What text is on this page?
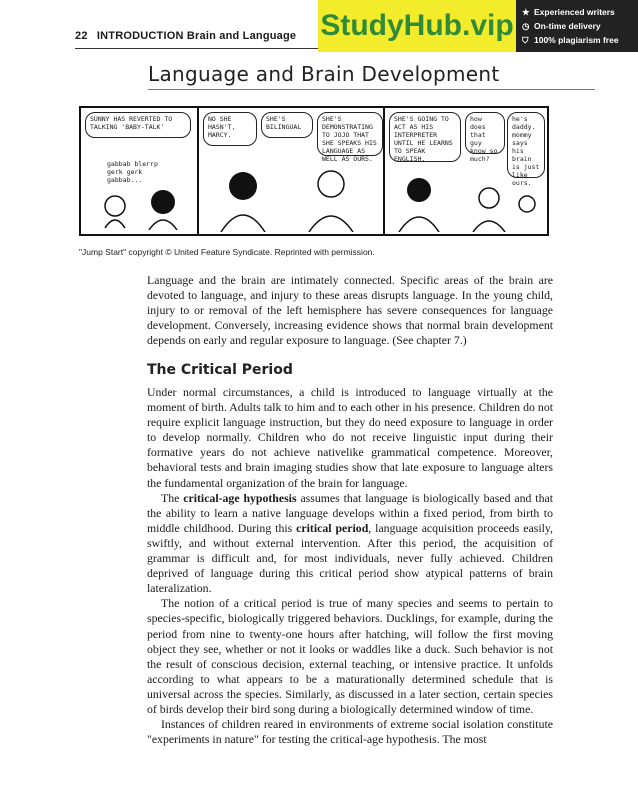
22 INTRODUCTION Brain and Language StudyHub.vip ★ Experienced writers
◷ On-time delivery
⛉ 100% plagiarism free
Language and Brain Development
SUNNY HAS REVERTED TO TALKING 'BABY-TALK'
gabbab blerrp gerk gerk gabbab...
NO SHE HASN'T, MARCY.
SHE'S BILINGUAL
SHE'S DEMONSTRATING TO JOJO THAT SHE SPEAKS HIS LANGUAGE AS WELL AS OURS.
SHE'S GOING TO ACT AS HIS INTERPRETER UNTIL HE LEARNS TO SPEAK ENGLISH.
how does that guy know so much?
he's daddy. mommy says his brain is just like ours.
"Jump Start" copyright © United Feature Syndicate. Reprinted with permission.

Language and the brain are intimately connected. Specific areas of the brain are devoted to language, and injury to these areas disrupts language. In the young child, injury to or removal of the left hemisphere has severe consequences for language development. Conversely, increasing evidence shows that normal brain development depends on early and regular exposure to language. (See chapter 7.)

The Critical Period

Under normal circumstances, a child is introduced to language virtually at the moment of birth. Adults talk to him and to each other in his presence. Children do not require explicit language instruction, but they do need exposure to language in order to develop normally. Children who do not receive linguistic input during their formative years do not achieve nativelike grammatical competence. Moreover, behavioral tests and brain imaging studies show that late exposure to language alters the fundamental organization of the brain for language.

The critical-age hypothesis assumes that language is biologically based and that the ability to learn a native language develops within a fixed period, from birth to middle childhood. During this critical period, language acquisition proceeds easily, swiftly, and without external intervention. After this period, the acquisition of grammar is difficult and, for most individuals, never fully achieved. Children deprived of language during this critical period show atypical patterns of brain lateralization.

The notion of a critical period is true of many species and seems to pertain to species-specific, biologically triggered behaviors. Ducklings, for example, during the period from nine to twenty-one hours after hatching, will follow the first moving object they see, whether or not it looks or waddles like a duck. Such behavior is not the result of conscious decision, external teaching, or intensive practice. It unfolds according to what appears to be a maturationally determined schedule that is universal across the species. Similarly, as discussed in a later section, certain species of birds develop their bird song during a biologically determined window of time.

Instances of children reared in environments of extreme social isolation constitute "experiments in nature" for testing the critical-age hypothesis. The most
